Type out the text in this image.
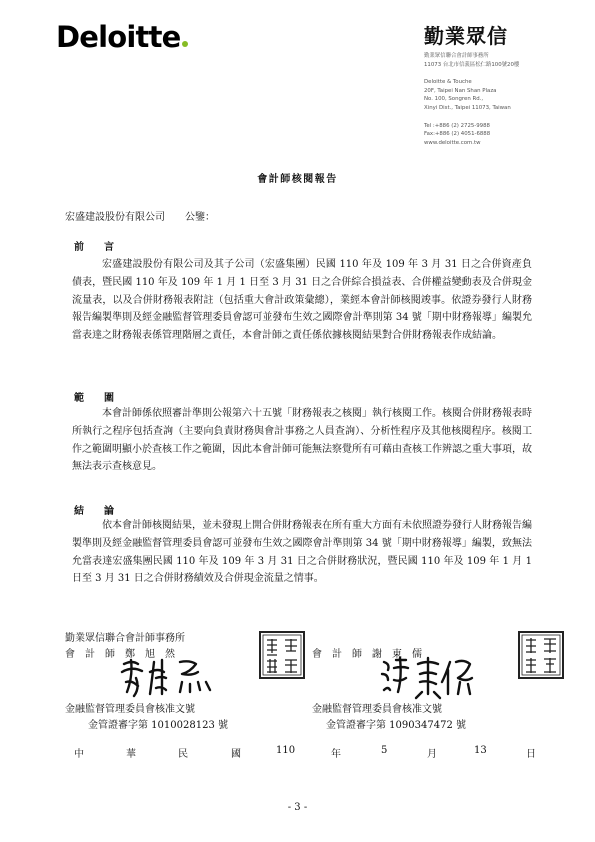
Deloitte	勤業眾信
勤業眾信聯合會計師事務所
11073 台北市信義區松仁路100號20樓
Deloitte & Touche
20F, Taipei Nan Shan Plaza
No. 100, Songren Rd.,
Xinyi Dist., Taipei 11073, Taiwan
Tel :+886 (2) 2725-9988
Fax:+886 (2) 4051-6888
www.deloitte.com.tw
會計師核閱報告
宏盛建設股份有限公司　　公鑒：
前　　言
宏盛建設股份有限公司及其子公司（宏盛集團）民國 110 年及 109 年 3 月 31 日之合併資產負債表，暨民國 110 年及 109 年 1 月 1 日至 3 月 31 日之合併綜合損益表、合併權益變動表及合併現金流量表，以及合併財務報表附註（包括重大會計政策彙總），業經本會計師核閱竣事。依證券發行人財務報告編製準則及經金融監督管理委員會認可並發布生效之國際會計準則第 34 號「期中財務報導」編製允當表達之財務報表係管理階層之責任，本會計師之責任係依據核閱結果對合併財務報表作成結論。
範　　圍
本會計師係依照審計準則公報第六十五號「財務報表之核閱」執行核閱工作。核閱合併財務報表時所執行之程序包括查詢（主要向負責財務與會計事務之人員查詢）、分析性程序及其他核閱程序。核閱工作之範圍明顯小於查核工作之範圍，因此本會計師可能無法察覺所有可藉由查核工作辨認之重大事項，故無法表示查核意見。
結　　論
依本會計師核閱結果，並未發現上開合併財務報表在所有重大方面有未依照證券發行人財務報告編製準則及經金融監督管理委員會認可並發布生效之國際會計準則第 34 號「期中財務報導」編製，致無法允當表達宏盛集團民國 110 年及 109 年 3 月 31 日之合併財務狀況，暨民國 110 年及 109 年 1 月 1 日至 3 月 31 日之合併財務績效及合併現金流量之情事。
勤業眾信聯合會計師事務所
會　計　師　鄭　旭　然	會　計　師　謝　東　儒
金融監督管理委員會核准文號
金管證審字第 1010028123 號
金融監督管理委員會核准文號
金管證審字第 1090347472 號
中	華	民	國	110	年	5	月	13	日
- 3 -
